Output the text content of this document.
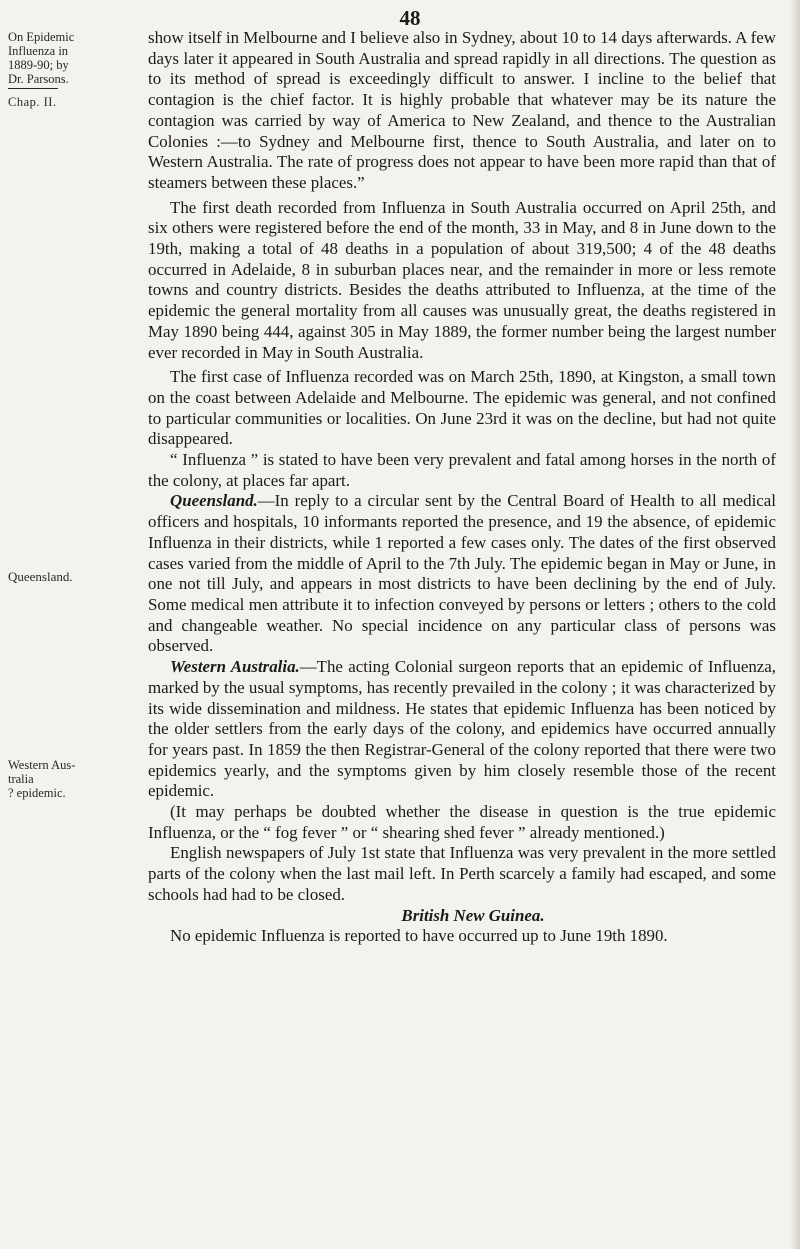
48
On Epidemic
Influenza in
1889-90; by
Dr. Parsons.
Chap. II.
Queensland.
Western Aus-
tralia
? epidemic.

show itself in Melbourne and I believe also in Sydney, about 10 to 14 days afterwards. A few days later it appeared in South Australia and spread rapidly in all directions. The question as to its method of spread is exceedingly difficult to answer. I incline to the belief that contagion is the chief factor. It is highly probable that whatever may be its nature the contagion was carried by way of America to New Zealand, and thence to the Australian Colonies :—to Sydney and Melbourne first, thence to South Australia, and later on to Western Australia. The rate of progress does not appear to have been more rapid than that of steamers between these places.”

The first death recorded from Influenza in South Australia occurred on April 25th, and six others were registered before the end of the month, 33 in May, and 8 in June down to the 19th, making a total of 48 deaths in a population of about 319,500; 4 of the 48 deaths occurred in Adelaide, 8 in suburban places near, and the remainder in more or less remote towns and country districts. Besides the deaths attributed to Influenza, at the time of the epidemic the general mortality from all causes was unusually great, the deaths registered in May 1890 being 444, against 305 in May 1889, the former number being the largest number ever recorded in May in South Australia.

The first case of Influenza recorded was on March 25th, 1890, at Kingston, a small town on the coast between Adelaide and Melbourne. The epidemic was general, and not confined to particular communities or localities. On June 23rd it was on the decline, but had not quite disappeared.

“ Influenza ” is stated to have been very prevalent and fatal among horses in the north of the colony, at places far apart.

Queensland.—In reply to a circular sent by the Central Board of Health to all medical officers and hospitals, 10 informants reported the presence, and 19 the absence, of epidemic Influenza in their districts, while 1 reported a few cases only. The dates of the first observed cases varied from the middle of April to the 7th July. The epidemic began in May or June, in one not till July, and appears in most districts to have been declining by the end of July. Some medical men attribute it to infection conveyed by persons or letters ; others to the cold and changeable weather. No special incidence on any particular class of persons was observed.

Western Australia.—The acting Colonial surgeon reports that an epidemic of Influenza, marked by the usual symptoms, has recently prevailed in the colony ; it was characterized by its wide dissemination and mildness. He states that epidemic Influenza has been noticed by the older settlers from the early days of the colony, and epidemics have occurred annually for years past. In 1859 the then Registrar-General of the colony reported that there were two epidemics yearly, and the symptoms given by him closely resemble those of the recent epidemic.

(It may perhaps be doubted whether the disease in question is the true epidemic Influenza, or the “ fog fever ” or “ shearing shed fever ” already mentioned.)

English newspapers of July 1st state that Influenza was very prevalent in the more settled parts of the colony when the last mail left. In Perth scarcely a family had escaped, and some schools had had to be closed.

British New Guinea.

No epidemic Influenza is reported to have occurred up to June 19th 1890.
